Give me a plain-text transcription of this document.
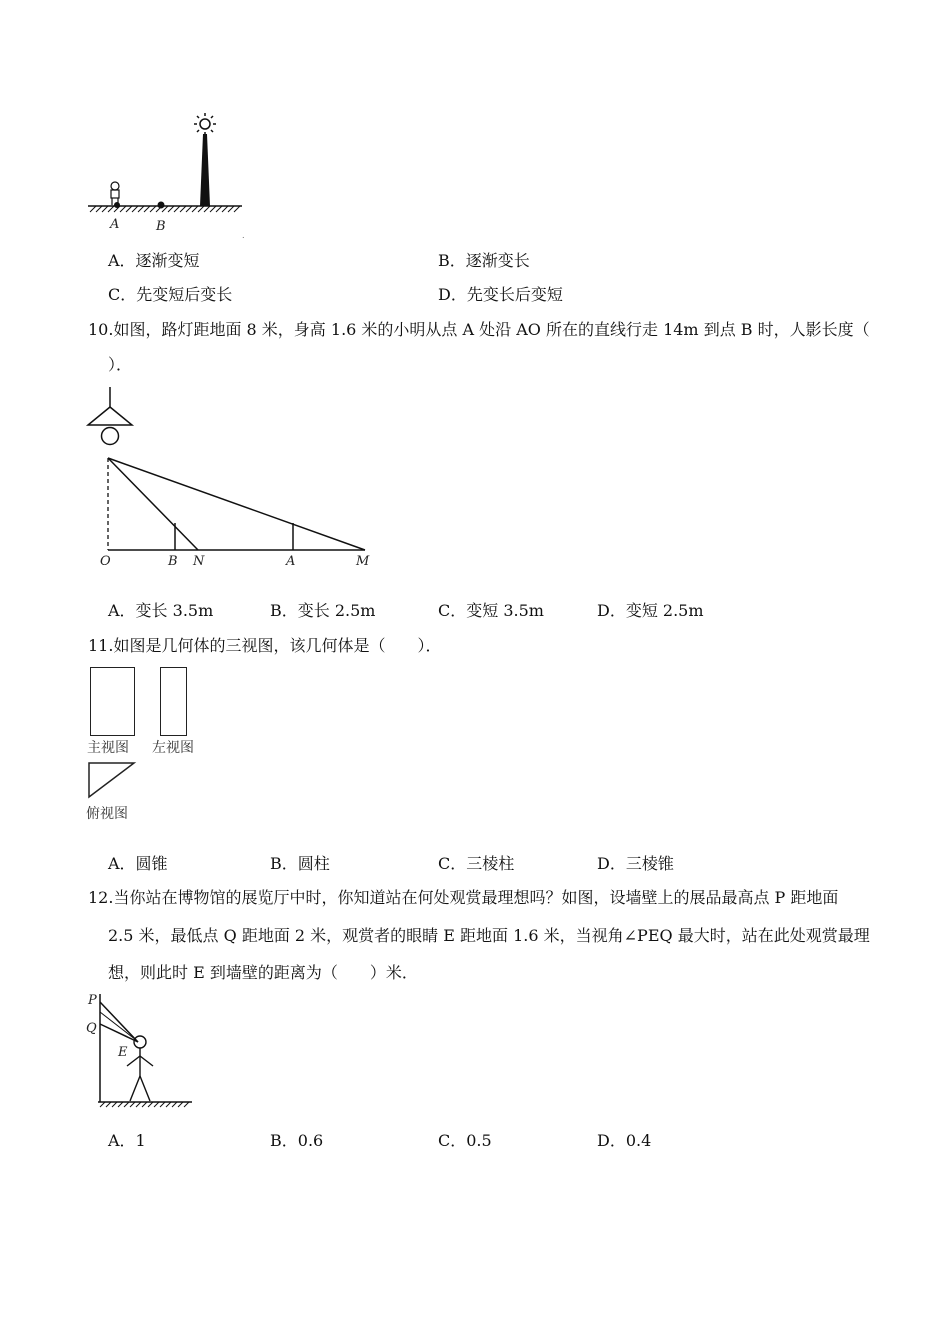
A	B
.
A．逐渐变短	B．逐渐变长
C．先变短后变长	D．先变长后变短
10.如图，路灯距地面 8 米，身高 1.6 米的小明从点 A 处沿 AO 所在的直线行走 14m 到点 B 时，人影长度（
）．
O	B N	A	M
A．变长 3.5m	B．变长 2.5m	C．变短 3.5m	D．变短 2.5m
11.如图是几何体的三视图，该几何体是（　　）．
主视图 左视图
俯视图
A．圆锥	B．圆柱	C．三棱柱	D．三棱锥
12.当你站在博物馆的展览厅中时，你知道站在何处观赏最理想吗？如图，设墙壁上的展品最高点 P 距地面
2.5 米，最低点 Q 距地面 2 米，观赏者的眼睛 E 距地面 1.6 米，当视角∠PEQ 最大时，站在此处观赏最理
想，则此时 E 到墙壁的距离为（　　）米．
P
Q
E
A．1	B．0.6	C．0.5	D．0.4
